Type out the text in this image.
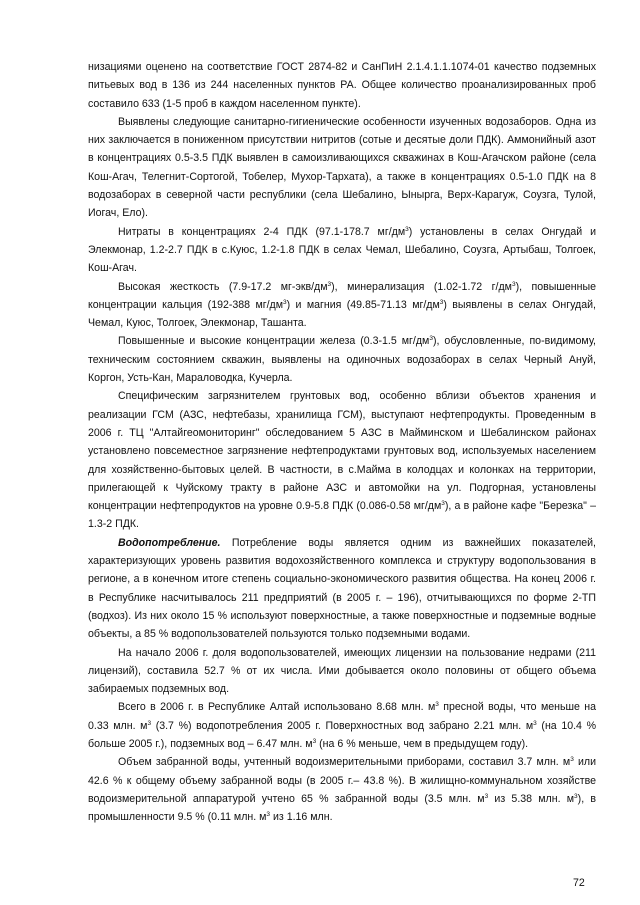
низациями оценено на соответствие ГОСТ 2874-82 и СанПиН 2.1.4.1.1.1074-01 качество подземных питьевых вод в 136 из 244 населенных пунктов РА. Общее количество проанализированных проб составило 633 (1-5 проб в каждом населенном пункте).

Выявлены следующие санитарно-гигиенические особенности изученных водозаборов. Одна из них заключается в пониженном присутствии нитритов (сотые и десятые доли ПДК). Аммонийный азот в концентрациях 0.5-3.5 ПДК выявлен в самоизливающихся скважинах в Кош-Агачском районе (села Кош-Агач, Телегнит-Сортогой, Тобелер, Мухор-Тархата), а также в концентрациях 0.5-1.0 ПДК на 8 водозаборах в северной части республики (села Шебалино, Ынырга, Верх-Карагуж, Соузга, Тулой, Иогач, Ело).

Нитраты в концентрациях 2-4 ПДК (97.1-178.7 $мг/дм^3$) установлены в селах Онгудай и Элекмонар, 1.2-2.7 ПДК в с.Куюс, 1.2-1.8 ПДК в селах Чемал, Шебалино, Соузга, Артыбаш, Толгоек, Кош-Агач.

Высокая жесткость (7.9-17.2 $мг-экв/дм^3$), минерализация (1.02-1.72 $г/дм^3$), повышенные концентрации кальция (192-388 $мг/дм^3$) и магния (49.85-71.13 $мг/дм^3$) выявлены в селах Онгудай, Чемал, Куюс, Толгоек, Элекмонар, Ташанта.

Повышенные и высокие концентрации железа (0.3-1.5 $мг/дм^3$), обусловленные, по-видимому, техническим состоянием скважин, выявлены на одиночных водозаборах в селах Черный Ануй, Коргон, Усть-Кан, Мараловодка, Кучерла.

Специфическим загрязнителем грунтовых вод, особенно вблизи объектов хранения и реализации ГСМ (АЗС, нефтебазы, хранилища ГСМ), выступают нефтепродукты. Проведенным в 2006 г. ТЦ "Алтайгеомониторинг" обследованием 5 АЗС в Майминском и Шебалинском районах установлено повсеместное загрязнение нефтепродуктами грунтовых вод, используемых населением для хозяйственно-бытовых целей. В частности, в с.Майма в колодцах и колонках на территории, прилегающей к Чуйскому тракту в районе АЗС и автомойки на ул. Подгорная, установлены концентрации нефтепродуктов на уровне 0.9-5.8 ПДК (0.086-0.58 $мг/дм^3$), а в районе кафе "Березка" – 1.3-2 ПДК.

Водопотребление. Потребление воды является одним из важнейших показателей, характеризующих уровень развития водохозяйственного комплекса и структуру водопользования в регионе, а в конечном итоге степень социально-экономического развития общества. На конец 2006 г. в Республике насчитывалось 211 предприятий (в 2005 г. – 196), отчитывающихся по форме 2-ТП (водхоз). Из них около 15 % используют поверхностные, а также поверхностные и подземные водные объекты, а 85 % водопользователей пользуются только подземными водами.

На начало 2006 г. доля водопользователей, имеющих лицензии на пользование недрами (211 лицензий), составила 52.7 % от их числа. Ими добывается около половины от общего объема забираемых подземных вод.

Всего в 2006 г. в Республике Алтай использовано 8.68 млн. $м^3$ пресной воды, что меньше на 0.33 млн. $м^3$ (3.7 %) водопотребления 2005 г. Поверхностных вод забрано 2.21 млн. $м^3$ (на 10.4 % больше 2005 г.), подземных вод – 6.47 млн. $м^3$ (на 6 % меньше, чем в предыдущем году).

Объем забранной воды, учтенный водоизмерительными приборами, составил 3.7 млн. $м^3$ или 42.6 % к общему объему забранной воды (в 2005 г.– 43.8 %). В жилищно-коммунальном хозяйстве водоизмерительной аппаратурой учтено 65 % забранной воды (3.5 млн. $м^3$ из 5.38 млн. $м^3$), в промышленности 9.5 % (0.11 млн. $м^3$ из 1.16 млн.

72
